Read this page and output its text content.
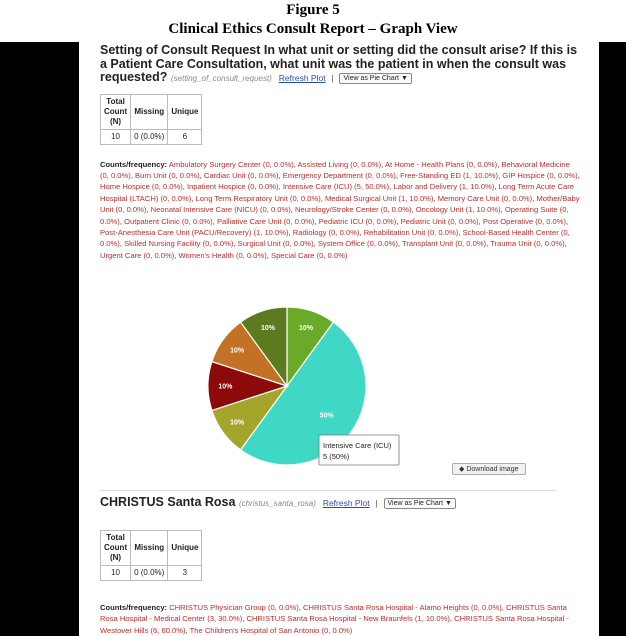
Figure 5
Clinical Ethics Consult Report – Graph View
Setting of Consult Request In what unit or setting did the consult arise? If this is a Patient Care Consultation, what unit was the patient in when the consult was requested? (setting_of_consult_request) Refresh Plot  |  View as Pie Chart ▼
Total Count (N)	Missing	Unique
10	0 (0.0%)	6
Counts/frequency: Ambulatory Surgery Center (0, 0.0%), Assisted Living (0, 0.0%), At Home - Health Plans (0, 0.0%), Behavioral Medicine (0, 0.0%), Burn Unit (0, 0.0%), Cardiac Unit (0, 0.0%), Emergency Department (0, 0.0%), Free-Standing ED (1, 10.0%), GIP Hospice (0, 0.0%), Home Hospice (0, 0.0%), Inpatient Hospice (0, 0.0%), Intensive Care (ICU) (5, 50.0%), Labor and Delivery (1, 10.0%), Long Term Acute Care Hospital (LTACH) (0, 0.0%), Long Term Respiratory Unit (0, 0.0%), Medical Surgical Unit (1, 10.0%), Memory Care Unit (0, 0.0%), Mother/Baby Unit (0, 0.0%), Neonatal Intensive Care (NICU) (0, 0.0%), Neurology/Stroke Center (0, 0.0%), Oncology Unit (1, 10.0%), Operating Suite (0, 0.0%), Outpatient Clinic (0, 0.0%), Palliative Care Unit (0, 0.0%), Pediatric ICU (0, 0.0%), Pediatric Unit (0, 0.0%), Post Operative (0, 0.0%), Post-Anesthesia Care Unit (PACU/Recovery) (1, 10.0%), Radiology (0, 0.0%), Rehabilitation Unit (0, 0.0%), School-Based Health Center (0, 0.0%), Skilled Nursing Facility (0, 0.0%), Surgical Unit (0, 0.0%), System Office (0, 0.0%), Transplant Unit (0, 0.0%), Trauma Unit (0, 0.0%), Urgent Care (0, 0.0%), Women's Health (0, 0.0%), Special Care (0, 0.0%)
10%
50%
10%
10%
10%
10%
Intensive Care (ICU)
5 (50%)
◆ Download image
CHRISTUS Santa Rosa (christus_santa_rosa) Refresh Plot  |  View as Pie Chart ▼
Total Count (N)	Missing	Unique
10	0 (0.0%)	3
Counts/frequency: CHRISTUS Physician Group (0, 0.0%), CHRISTUS Santa Rosa Hospital - Alamo Heights (0, 0.0%), CHRISTUS Santa Rosa Hospital - Medical Center (3, 30.0%), CHRISTUS Santa Rosa Hospital - New Braunfels (1, 10.0%), CHRISTUS Santa Rosa Hospital - Westover Hills (6, 60.0%), The Children's Hospital of San Antonio (0, 0.0%)
